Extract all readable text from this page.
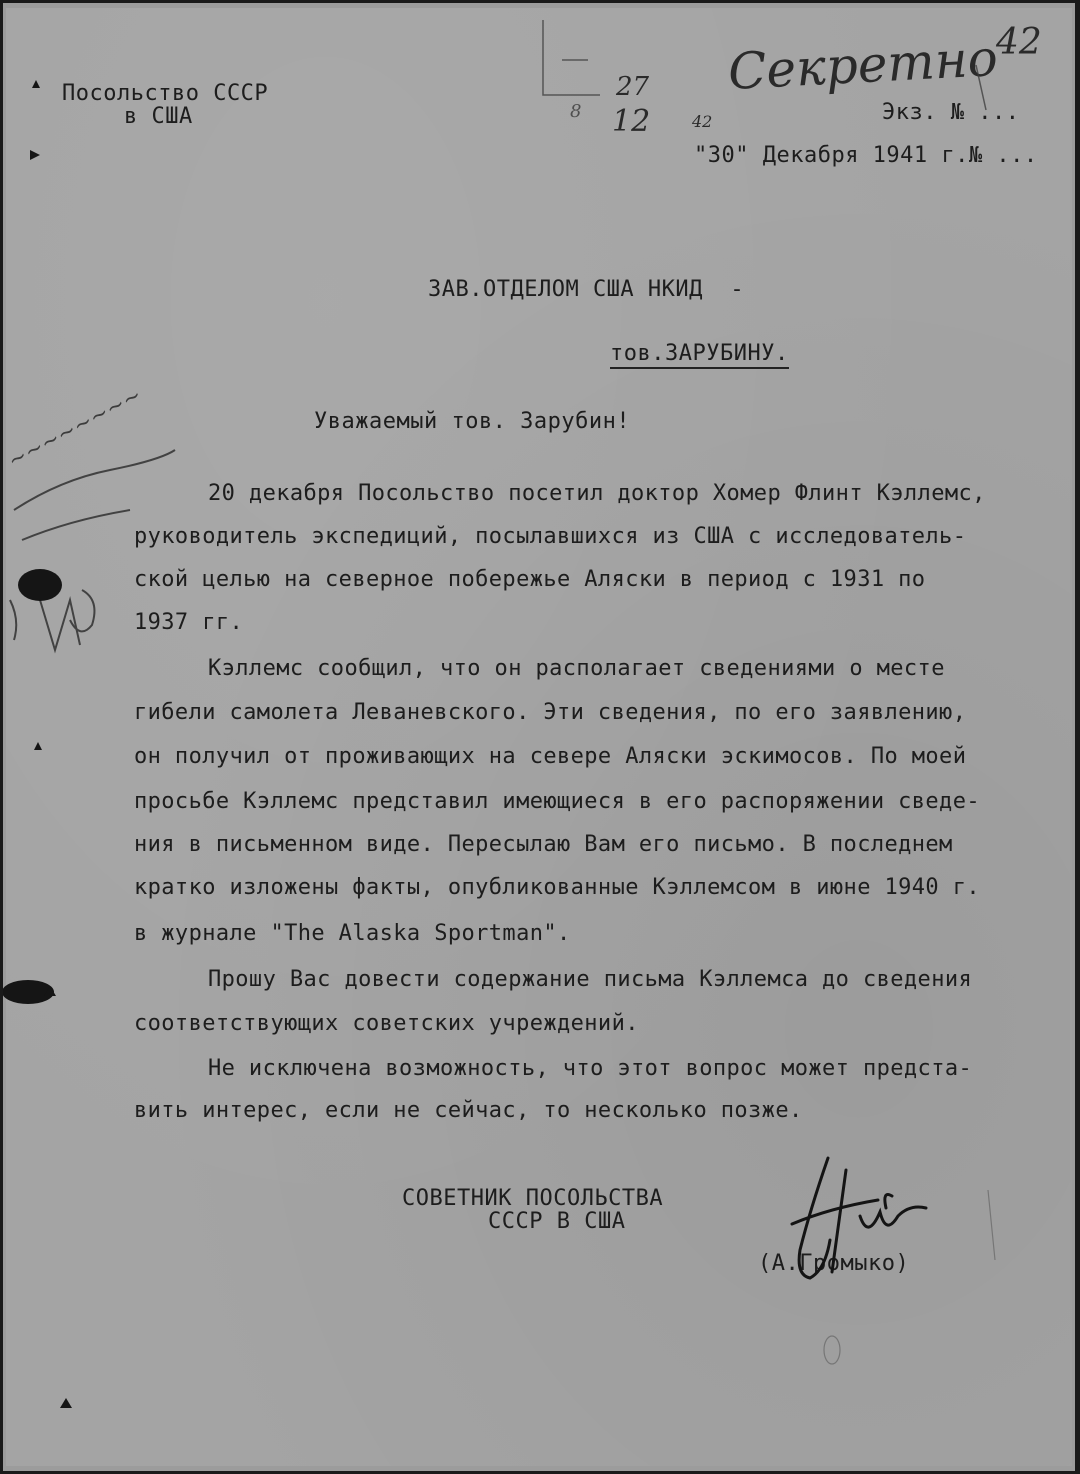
Посольство СССР
в США
Секретно
42
Экз. № ...
"30" Декабря 1941 г.№ ...
8
27
12	42
~~~~~~~~
ЗАВ.ОТДЕЛОМ США НКИД  -
тов.ЗАРУБИНУ.
Уважаемый тов. Зарубин!
20 декабря Посольство посетил доктор Хомер Флинт Кэллемс,
руководитель экспедиций, посылавшихся из США с исследователь-
ской целью на северное побережье Аляски в период с 1931 по
1937 гг.
Кэллемс сообщил, что он располагает сведениями о месте
гибели самолета Леваневского. Эти сведения, по его заявлению,
он получил от проживающих на севере Аляски эскимосов. По моей
просьбе Кэллемс представил имеющиеся в его распоряжении сведе-
ния в письменном виде. Пересылаю Вам его письмо. В последнем
кратко изложены факты, опубликованные Кэллемсом в июне 1940 г.
в журнале "The Alaska Sportman".
Прошу Вас довести содержание письма Кэллемса до сведения
соответствующих советских учреждений.
Не исключена возможность, что этот вопрос может предста-
вить интерес, если не сейчас, то несколько позже.
СОВЕТНИК ПОСОЛЬСТВА
СССР В США
(А.Громыко)
